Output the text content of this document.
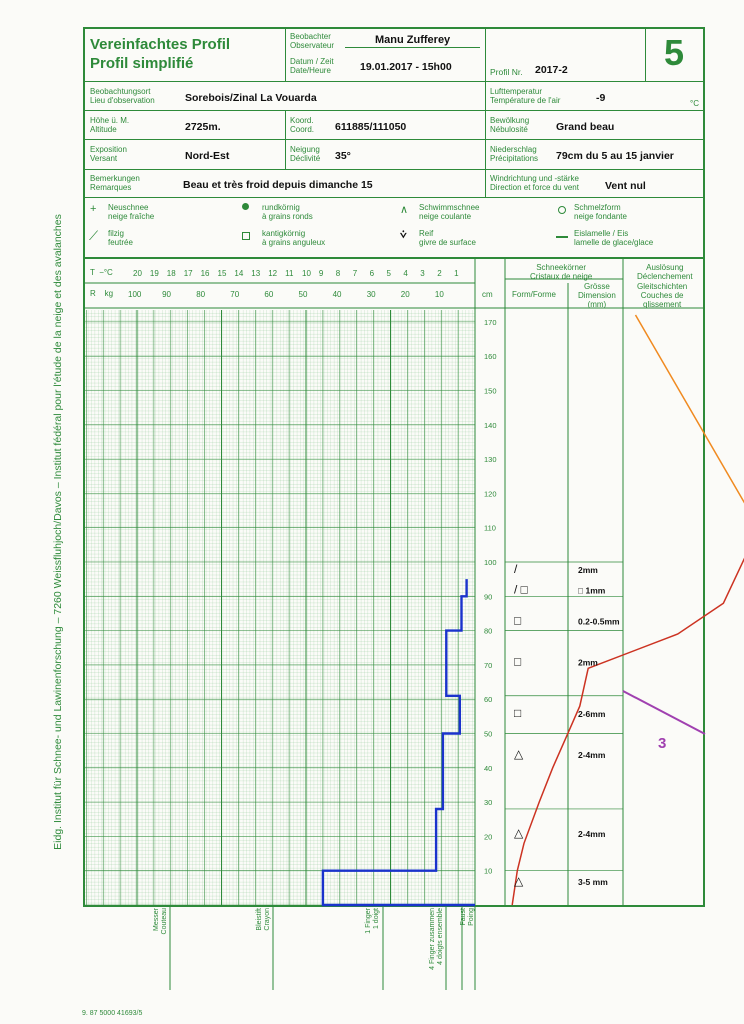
Eidg. Institut für Schnee- und Lawinenforschung – 7260 Weissfluhjoch/Davos – Institut fédéral pour l'étude de la neige et des avalanches
Vereinfachtes Profil
Profil simplifié	5
Beobachter
Observateur	Manu Zufferey
Datum / Zeit
Date/Heure	19.01.2017 - 15h00	Profil Nr. 2017-2
Beobachtungsort
Lieu d'observation	Sorebois/Zinal La Vouarda
Lufttemperatur
Température de l'air	-9	°C
Höhe ü. M.
Altitude	2725m.
Koord.
Coord. 611885/111050
Bewölkung
Nébulosité	Grand beau
Exposition
Versant	Nord-Est
Neigung
Déclivité 35°
Niederschlag
Précipitations 79cm du 5 au 15 janvier
Bemerkungen
Remarques	Beau et très froid depuis dimanche 15
Windrichtung und -stärke
Direction et force du vent Vent nul
+ Neuschnee
neige fraîche
⟋ filzig
feutrée
rundkörnig
à grains ronds
kantigkörnig
à grains anguleux
∧ Schwimmschnee
neige coulante
⩒ Reif
givre de surface
Schmelzform
neige fondante
Eislamelle / Eis
lamelle de glace/glace
Schneekörner
Cristaux de neige
Form/Forme
Grösse
Dimension
(mm)
Auslösung
Déclenchement
Gleitschichten
Couches de
glissement
cm
T  −°C
R    kg
20 19 18 17 16 15 14 13 12 11 10 9 8 7 6 5 4 3 2 1
100	90	80	70	60	50	40	30	20	10
170
160
150
140
130
120
110
100
90
80
70
60
50
40
30
20
10
/	2mm
/ □	□ 1mm
□	0.2-0.5mm
□	2mm
□	2-6mm
△	2-4mm
△	2-4mm
△	3-5 mm
3
Messer
Couteau	Bleistift
Crayon
1 Finger
1 doigt
4 Finger zusammen
4 doigts ensemble Faust
Poing
9. 87 5000 41693/5
